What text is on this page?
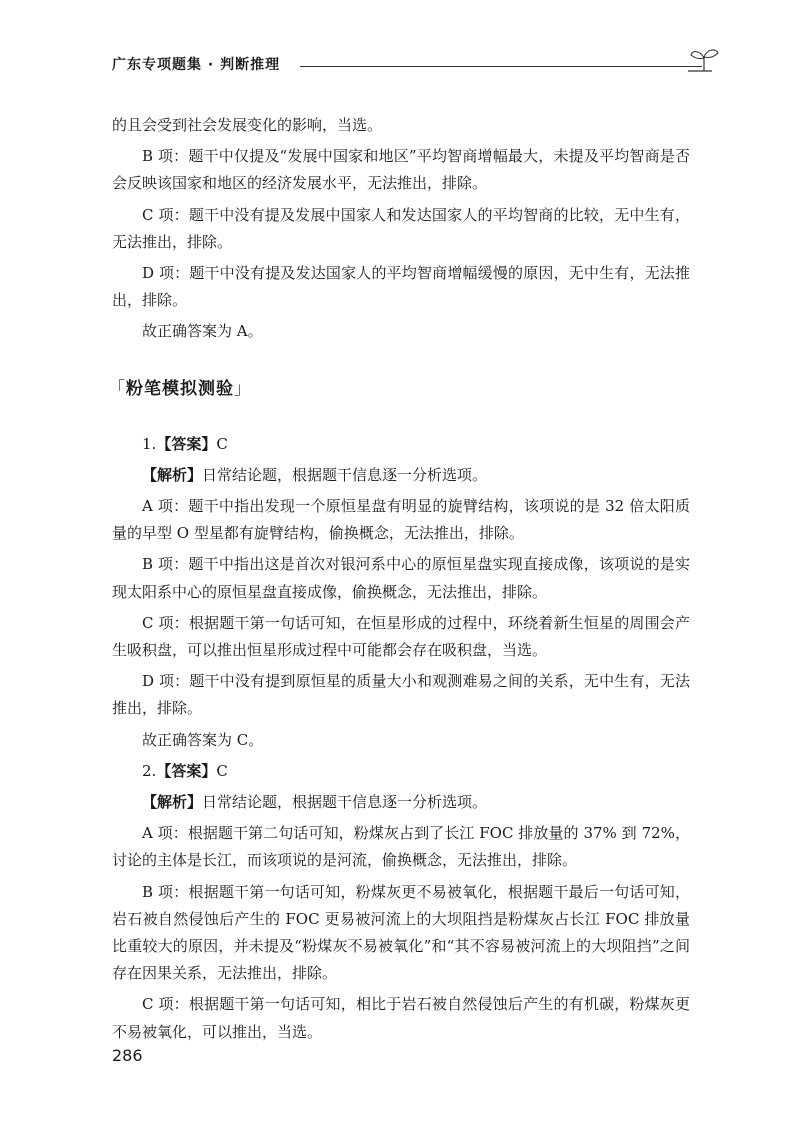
广东专项题集 · 判断推理

的且会受到社会发展变化的影响，当选。

B 项：题干中仅提及“发展中国家和地区”平均智商增幅最大，未提及平均智商是否会反映该国家和地区的经济发展水平，无法推出，排除。

C 项：题干中没有提及发展中国家人和发达国家人的平均智商的比较，无中生有，无法推出，排除。

D 项：题干中没有提及发达国家人的平均智商增幅缓慢的原因，无中生有，无法推出，排除。

故正确答案为 A。

「粉笔模拟测验」

1.【答案】C

【解析】日常结论题，根据题干信息逐一分析选项。

A 项：题干中指出发现一个原恒星盘有明显的旋臂结构，该项说的是 32 倍太阳质量的早型 O 型星都有旋臂结构，偷换概念，无法推出，排除。

B 项：题干中指出这是首次对银河系中心的原恒星盘实现直接成像，该项说的是实现太阳系中心的原恒星盘直接成像，偷换概念，无法推出，排除。

C 项：根据题干第一句话可知，在恒星形成的过程中，环绕着新生恒星的周围会产生吸积盘，可以推出恒星形成过程中可能都会存在吸积盘，当选。

D 项：题干中没有提到原恒星的质量大小和观测难易之间的关系，无中生有，无法推出，排除。

故正确答案为 C。

2.【答案】C

【解析】日常结论题，根据题干信息逐一分析选项。

A 项：根据题干第二句话可知，粉煤灰占到了长江 FOC 排放量的 37% 到 72%，讨论的主体是长江，而该项说的是河流，偷换概念，无法推出，排除。

B 项：根据题干第一句话可知，粉煤灰更不易被氧化，根据题干最后一句话可知，岩石被自然侵蚀后产生的 FOC 更易被河流上的大坝阻挡是粉煤灰占长江 FOC 排放量比重较大的原因，并未提及“粉煤灰不易被氧化”和“其不容易被河流上的大坝阻挡”之间存在因果关系，无法推出，排除。

C 项：根据题干第一句话可知，相比于岩石被自然侵蚀后产生的有机碳，粉煤灰更不易被氧化，可以推出，当选。

286
